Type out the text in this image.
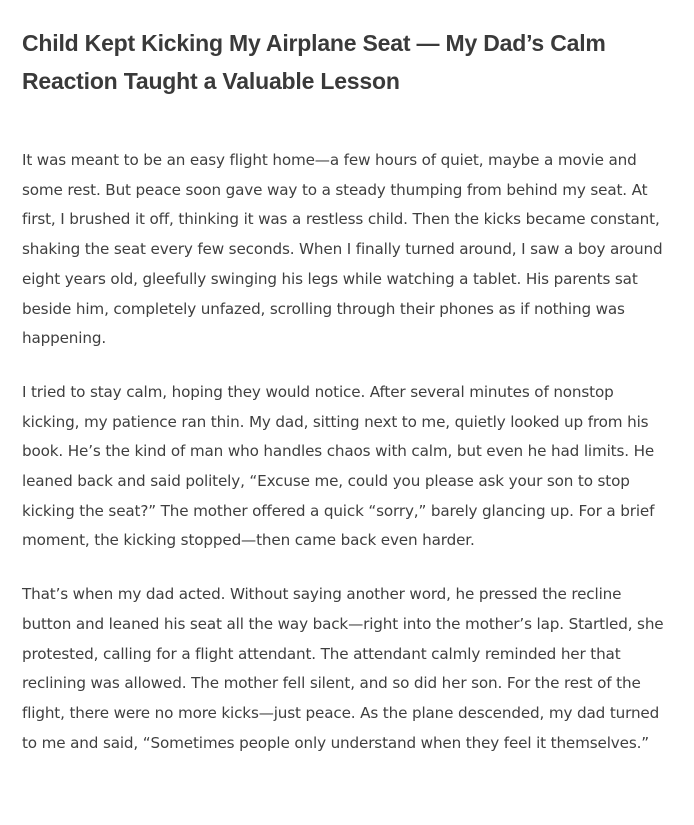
Child Kept Kicking My Airplane Seat — My Dad’s Calm Reaction Taught a Valuable Lesson

It was meant to be an easy flight home—a few hours of quiet, maybe a movie and some rest. But peace soon gave way to a steady thumping from behind my seat. At first, I brushed it off, thinking it was a restless child. Then the kicks became constant, shaking the seat every few seconds. When I finally turned around, I saw a boy around eight years old, gleefully swinging his legs while watching a tablet. His parents sat beside him, completely unfazed, scrolling through their phones as if nothing was happening.

I tried to stay calm, hoping they would notice. After several minutes of nonstop kicking, my patience ran thin. My dad, sitting next to me, quietly looked up from his book. He’s the kind of man who handles chaos with calm, but even he had limits. He leaned back and said politely, “Excuse me, could you please ask your son to stop kicking the seat?” The mother offered a quick “sorry,” barely glancing up. For a brief moment, the kicking stopped—then came back even harder.

That’s when my dad acted. Without saying another word, he pressed the recline button and leaned his seat all the way back—right into the mother’s lap. Startled, she protested, calling for a flight attendant. The attendant calmly reminded her that reclining was allowed. The mother fell silent, and so did her son. For the rest of the flight, there were no more kicks—just peace. As the plane descended, my dad turned to me and said, “Sometimes people only understand when they feel it themselves.”
